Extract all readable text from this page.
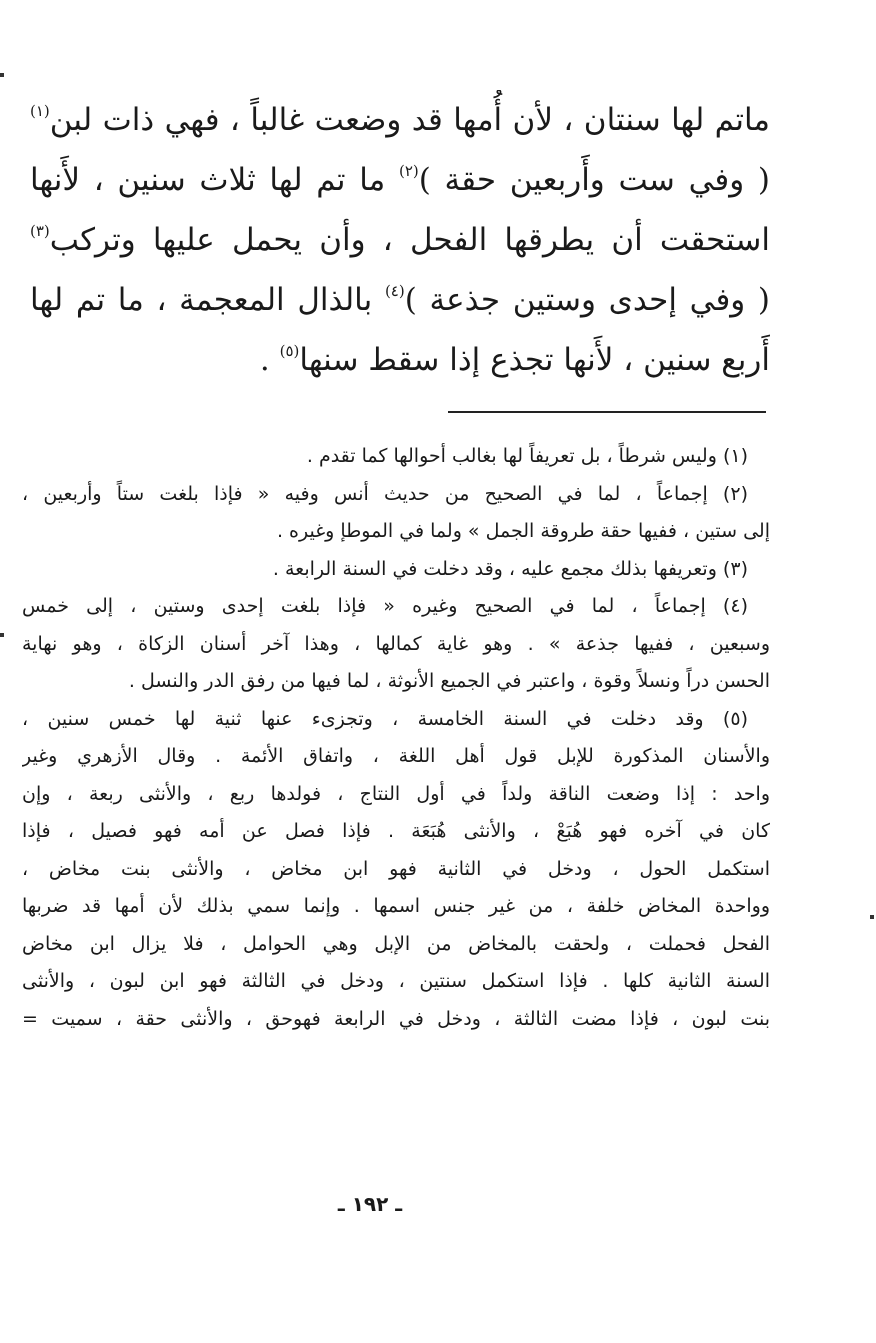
ماتم لها سنتان ، لأن أُمها قد وضعت غالباً ، فهي ذات لبن$^{(١)}$
( وفي ست وأَربعين حقة )$^{(٢)}$ ما تم لها ثلاث سنين ، لأَنها
استحقت أن يطرقها الفحل ، وأن يحمل عليها وتركب$^{(٣)}$
( وفي إحدى وستين جذعة )$^{(٤)}$ بالذال المعجمة ، ما تم لها
أَربع سنين ، لأَنها تجذع إذا سقط سنها$^{(٥)}$ .
(١) وليس شرطاً ، بل تعريفاً لها بغالب أحوالها كما تقدم .
(٢) إجماعاً ، لما في الصحيح من حديث أنس وفيه « فإذا بلغت ستاً وأربعين ،
إلى ستين ، ففيها حقة طروقة الجمل » ولما في الموطإ وغيره .
(٣) وتعريفها بذلك مجمع عليه ، وقد دخلت في السنة الرابعة .
(٤) إجماعاً ، لما في الصحيح وغيره « فإذا بلغت إحدى وستين ، إلى خمس
وسبعين ، ففيها جذعة » . وهو غاية كمالها ، وهذا آخر أسنان الزكاة ، وهو نهاية
الحسن دراً ونسلاً وقوة ، واعتبر في الجميع الأنوثة ، لما فيها من رفق الدر والنسل .
(٥) وقد دخلت في السنة الخامسة ، وتجزىء عنها ثنية لها خمس سنين ،
والأسنان المذكورة للإبل قول أهل اللغة ، واتفاق الأئمة . وقال الأزهري وغير
واحد : إذا وضعت الناقة ولداً في أول النتاج ، فولدها ربع ، والأنثى ربعة ، وإن
كان في آخره فهو هُبَعْ ، والأنثى هُبَعَة . فإذا فصل عن أمه فهو فصيل ، فإذا
استكمل الحول ، ودخل في الثانية فهو ابن مخاض ، والأنثى بنت مخاض ،
وواحدة المخاض خلفة ، من غير جنس اسمها . وإنما سمي بذلك لأن أمها قد ضربها
الفحل فحملت ، ولحقت بالمخاض من الإبل وهي الحوامل ، فلا يزال ابن مخاض
السنة الثانية كلها . فإذا استكمل سنتين ، ودخل في الثالثة فهو ابن لبون ، والأنثى
بنت لبون ، فإذا مضت الثالثة ، ودخل في الرابعة فهوحق ، والأنثى حقة ، سميت =
ـ ١٩٢ ـ
